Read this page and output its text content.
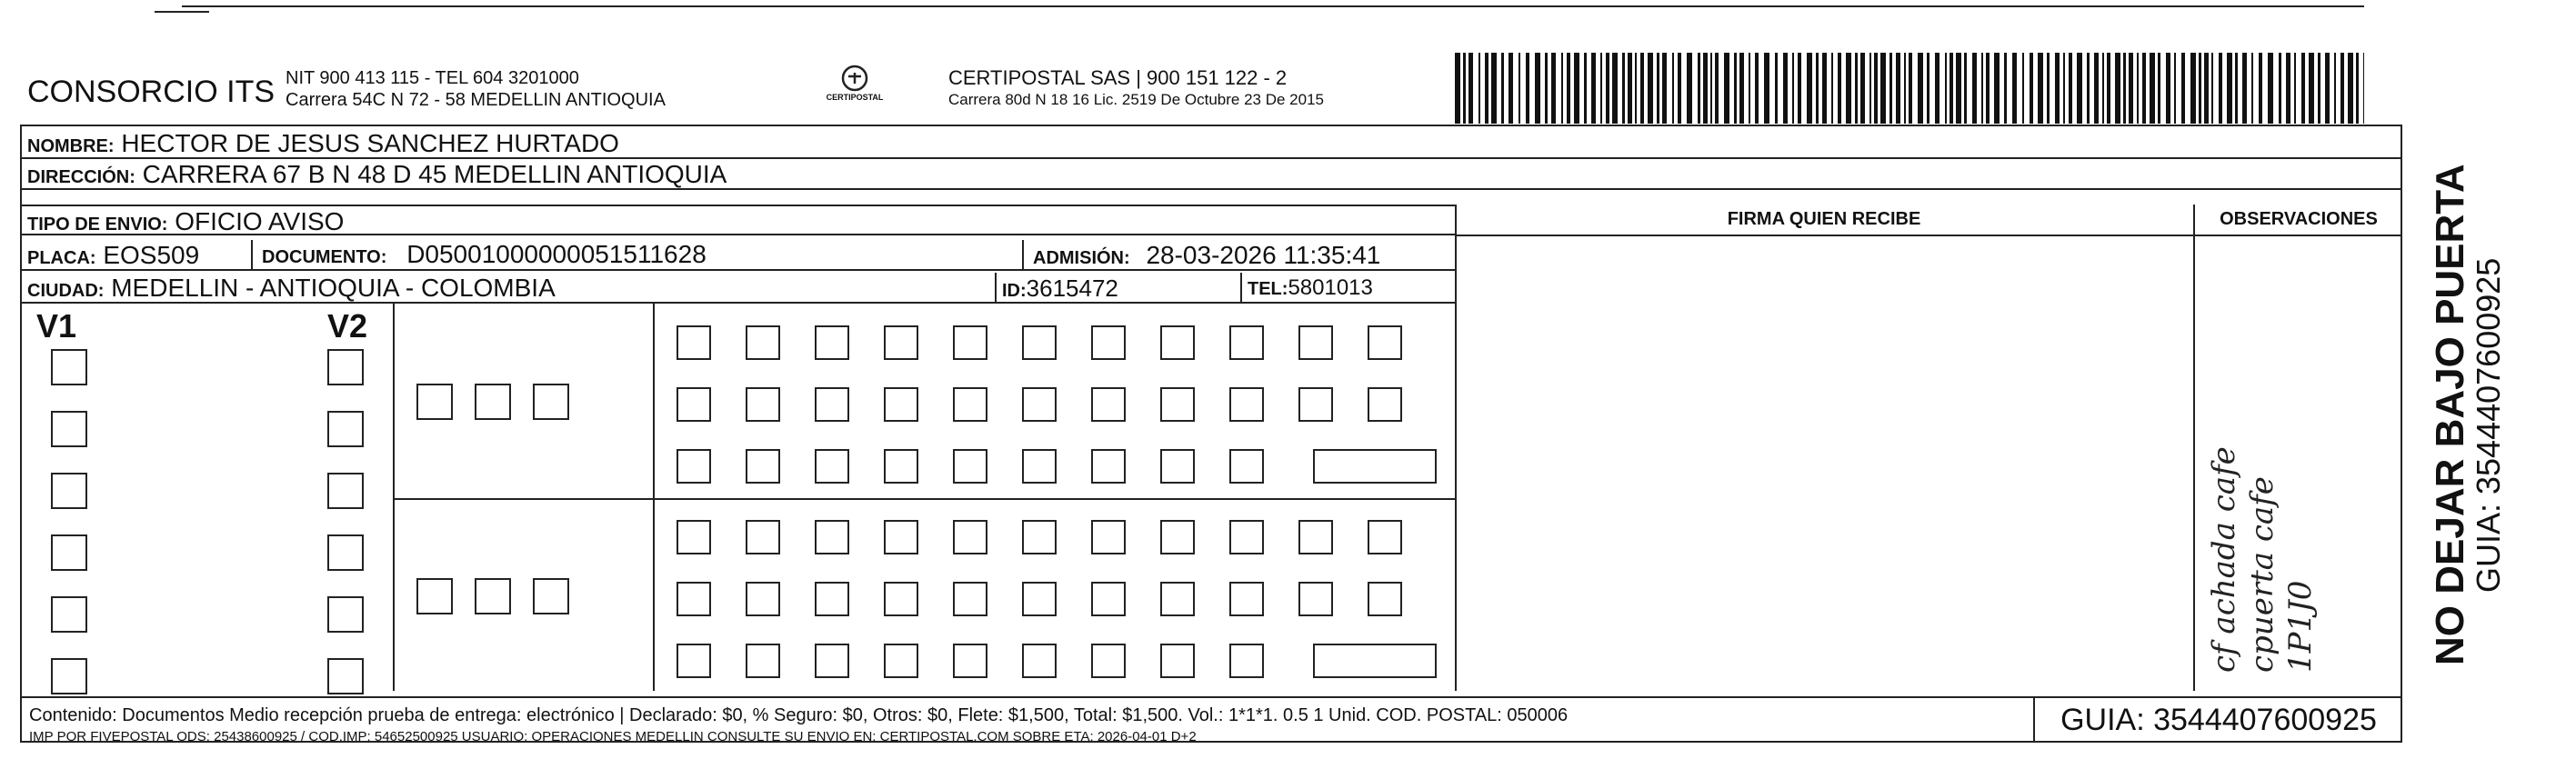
CONSORCIO ITS NIT 900 413 115 - TEL 604 3201000
Carrera 54C N 72 - 58 MEDELLIN ANTIOQUIA	CERTIPOSTAL
CERTIPOSTAL SAS | 900 151 122 - 2
Carrera 80d N 18 16 Lic. 2519 De Octubre 23 De 2015
NOMBRE: HECTOR DE JESUS SANCHEZ HURTADO
DIRECCIÓN: CARRERA 67 B N 48 D 45 MEDELLIN ANTIOQUIA
TIPO DE ENVIO: OFICIO AVISO
PLACA: EOS509	DOCUMENTO: D05001000000051511628	ADMISIÓN: 28-03-2026 11:35:41
CIUDAD: MEDELLIN - ANTIOQUIA - COLOMBIA	ID:3615472	TEL:5801013
FIRMA QUIEN RECIBE	OBSERVACIONES
V1	V2
cf achada cafe cpuerta cafe 1P1J0	NO DEJAR BAJO PUERTA
GUIA: 3544407600925
Contenido: Documentos Medio recepción prueba de entrega: electrónico | Declarado: $0, % Seguro: $0, Otros: $0, Flete: $1,500, Total: $1,500. Vol.: 1*1*1. 0.5 1 Unid. COD. POSTAL: 050006
IMP POR FIVEPOSTAL ODS: 25438600925 / COD.IMP: 54652500925 USUARIO: OPERACIONES MEDELLIN CONSULTE SU ENVIO EN: CERTIPOSTAL.COM SOBRE ETA: 2026-04-01 D+2	GUIA: 3544407600925
